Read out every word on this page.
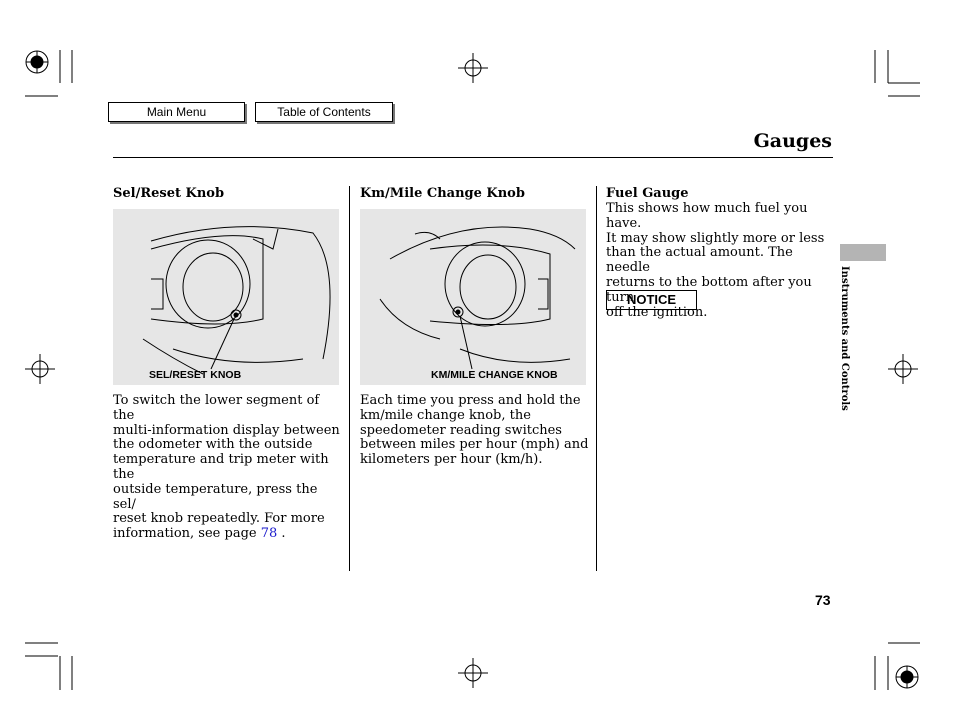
Main Menu	Table of Contents
Gauges
Sel/Reset Knob
SEL/RESET KNOB
To switch the lower segment of the
multi-information display between
the odometer with the outside
temperature and trip meter with the
outside temperature, press the sel/
reset knob repeatedly. For more
information, see page 78 .
Km/Mile Change Knob
KM/MILE CHANGE KNOB
Each time you press and hold the
km/mile change knob, the
speedometer reading switches
between miles per hour (mph) and
kilometers per hour (km/h).
Fuel Gauge
This shows how much fuel you have.
It may show slightly more or less
than the actual amount. The needle
returns to the bottom after you turn
off the ignition.
NOTICE	Instruments and Controls
73
